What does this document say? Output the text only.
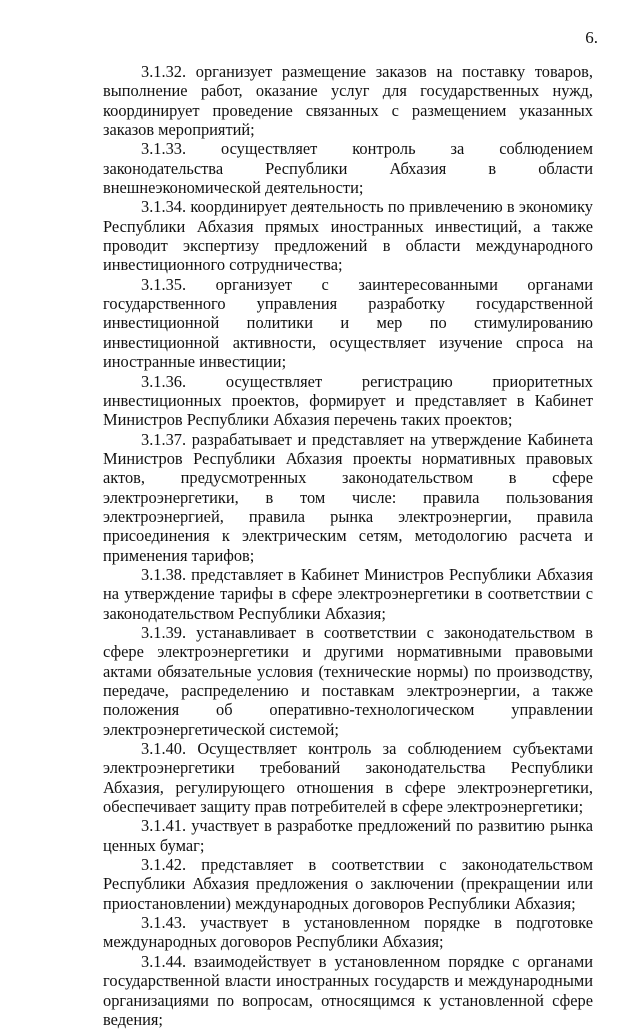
6.

3.1.32. организует размещение заказов на поставку товаров, выполнение работ, оказание услуг для государственных нужд, координирует проведение связанных с размещением указанных заказов мероприятий;

3.1.33. осуществляет контроль за соблюдением законодательства Республики Абхазия в области внешнеэкономической деятельности;

3.1.34. координирует деятельность по привлечению в экономику Республики Абхазия прямых иностранных инвестиций, а также проводит экспертизу предложений в области международного инвестиционного сотрудничества;

3.1.35. организует с заинтересованными органами государственного управления разработку государственной инвестиционной политики и мер по стимулированию инвестиционной активности, осуществляет изучение спроса на иностранные инвестиции;

3.1.36. осуществляет регистрацию приоритетных инвестиционных проектов, формирует и представляет в Кабинет Министров Республики Абхазия перечень таких проектов;

3.1.37. разрабатывает и представляет на утверждение Кабинета Министров Республики Абхазия проекты нормативных правовых актов, предусмотренных законодательством в сфере электроэнергетики, в том числе: правила пользования электроэнергией, правила рынка электроэнергии, правила присоединения к электрическим сетям, методологию расчета и применения тарифов;

3.1.38. представляет в Кабинет Министров Республики Абхазия на утверждение тарифы в сфере электроэнергетики в соответствии с законодательством Республики Абхазия;

3.1.39. устанавливает в соответствии с законодательством в сфере электроэнергетики и другими нормативными правовыми актами обязательные условия (технические нормы) по производству, передаче, распределению и поставкам электроэнергии, а также положения об оперативно-технологическом управлении электроэнергетической системой;

3.1.40. Осуществляет контроль за соблюдением субъектами электроэнергетики требований законодательства Республики Абхазия, регулирующего отношения в сфере электроэнергетики, обеспечивает защиту прав потребителей в сфере электроэнергетики;

3.1.41. участвует в разработке предложений по развитию рынка ценных бумаг;

3.1.42. представляет в соответствии с законодательством Республики Абхазия предложения о заключении (прекращении или приостановлении) международных договоров Республики Абхазия;

3.1.43. участвует в установленном порядке в подготовке международных договоров Республики Абхазия;

3.1.44. взаимодействует в установленном порядке с органами государственной власти иностранных государств и международными организациями по вопросам, относящимся к установленной сфере ведения;
